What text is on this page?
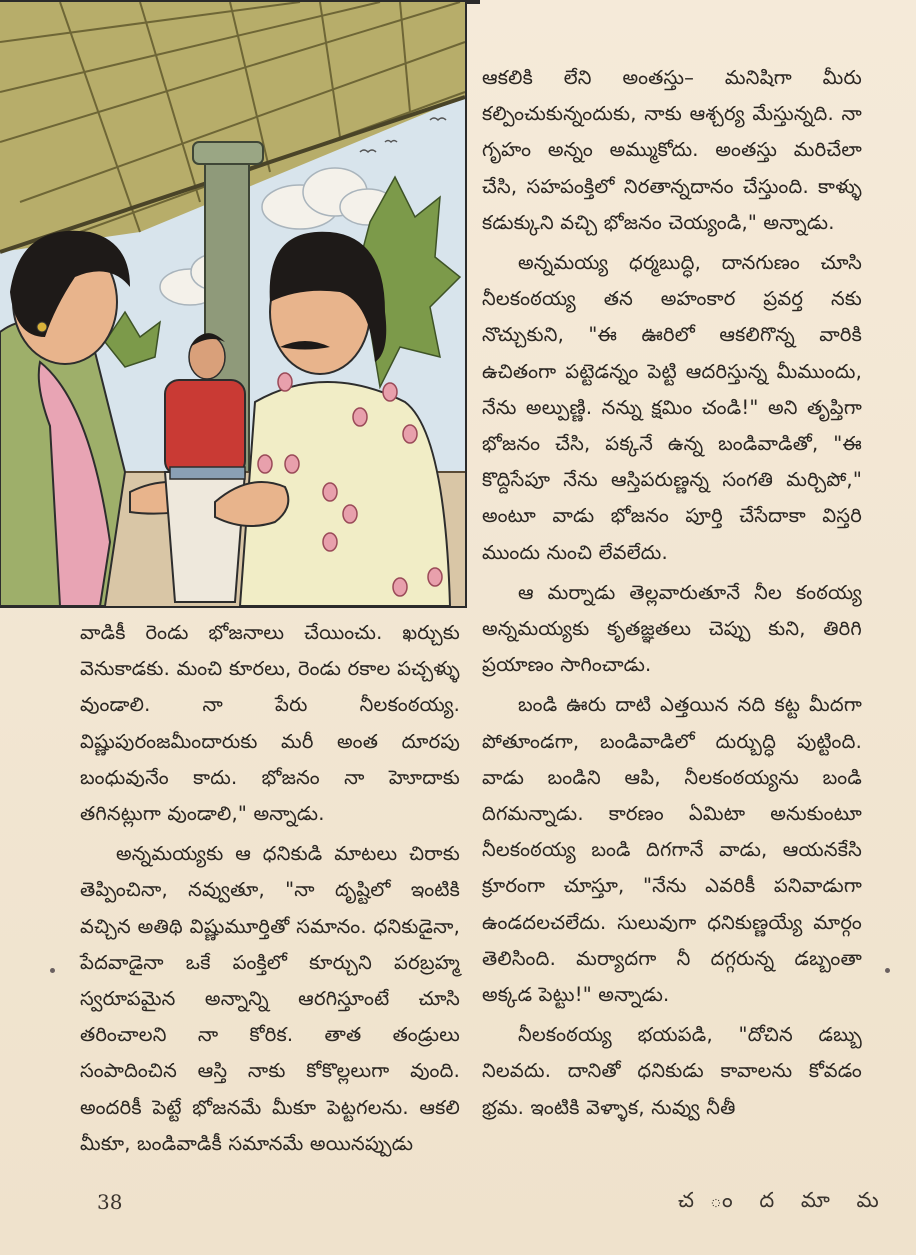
వాడికీ రెండు భోజనాలు చేయించు. ఖర్చుకు వెనుకాడకు. మంచి కూరలు, రెండు రకాల పచ్చళ్ళు వుండాలి. నా పేరు నీలకంఠయ్య. విష్ణుపురంజమీందారుకు మరీ అంత దూరపు బంధువునేం కాదు. భోజనం నా హెూదాకు తగినట్లుగా వుండాలి," అన్నాడు.

అన్నమయ్యకు ఆ ధనికుడి మాటలు చిరాకు తెప్పించినా, నవ్వుతూ, "నా దృష్టిలో ఇంటికి వచ్చిన అతిథి విష్ణుమూర్తితో సమానం. ధనికుడైనా, పేదవాడైనా ఒకే పంక్తిలో కూర్చుని పరబ్రహ్మ స్వరూపమైన అన్నాన్ని ఆరగిస్తూంటే చూసి తరించాలని నా కోరిక. తాత తండ్రులు సంపాదించిన ఆస్తి నాకు కోకొల్లలుగా వుంది. అందరికీ పెట్టే భోజనమే మీకూ పెట్టగలను. ఆకలి మీకూ, బండివాడికీ సమానమే అయినప్పుడు

ఆకలికి లేని అంతస్తు– మనిషిగా మీరు కల్పించుకున్నందుకు, నాకు ఆశ్చర్య మేస్తున్నది. నా గృహం అన్నం అమ్ముకోదు. అంతస్తు మరిచేలా చేసి, సహపంక్తిలో నిరతాన్నదానం చేస్తుంది. కాళ్ళు కడుక్కుని వచ్చి భోజనం చెయ్యండి," అన్నాడు.

అన్నమయ్య ధర్మబుద్ధి, దానగుణం చూసి నీలకంఠయ్య తన అహంకార ప్రవర్త నకు నొచ్చుకుని, "ఈ ఊరిలో ఆకలిగొన్న వారికి ఉచితంగా పట్టెడన్నం పెట్టి ఆదరిస్తున్న మీముందు, నేను అల్పుణ్ణి. నన్ను క్షమిం చండి!" అని తృప్తిగా భోజనం చేసి, పక్కనే ఉన్న బండివాడితో, "ఈ కొద్దిసేపూ నేను ఆస్తిపరుణ్ణన్న సంగతి మర్చిపో," అంటూ వాడు భోజనం పూర్తి చేసేదాకా విస్తరి ముందు నుంచి లేవలేదు.

ఆ మర్నాడు తెల్లవారుతూనే నీల కంఠయ్య అన్నమయ్యకు కృతజ్ఞతలు చెప్పు కుని, తిరిగి ప్రయాణం సాగించాడు.

బండి ఊరు దాటి ఎత్తయిన నది కట్ట మీదగా పోతూండగా, బండివాడిలో దుర్బుద్ధి పుట్టింది. వాడు బండిని ఆపి, నీలకంఠయ్యను బండి దిగమన్నాడు. కారణం ఏమిటా అనుకుంటూ నీలకంఠయ్య బండి దిగగానే వాడు, ఆయనకేసి క్రూరంగా చూస్తూ, "నేను ఎవరికీ పనివాడుగా ఉండదలచలేదు. సులువుగా ధనికుణ్ణయ్యే మార్గం తెలిసింది. మర్యాదగా నీ దగ్గరున్న డబ్బంతా అక్కడ పెట్టు!" అన్నాడు.

నీలకంఠయ్య భయపడి, "దోచిన డబ్బు నిలవదు. దానితో ధనికుడు కావాలను కోవడం భ్రమ. ఇంటికి వెళ్ళాక, నువ్వు నీతీ

38	చ ం ద మా మ
